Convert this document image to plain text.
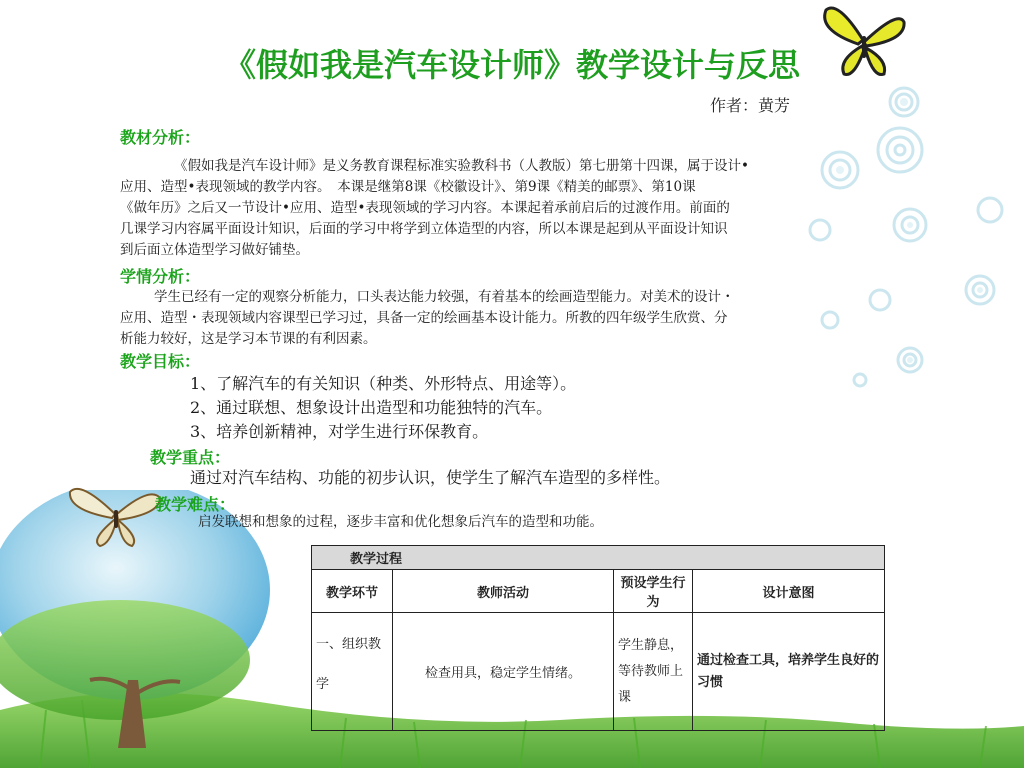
《假如我是汽车设计师》教学设计与反思
作者：黄芳
教材分析：

《假如我是汽车设计师》是义务教育课程标准实验教科书（人教版）第七册第十四课，属于设计•

应用、造型•表现领域的教学内容。　本课是继第8课《校徽设计》、第9课《精美的邮票》、第10课

《做年历》之后又一节设计•应用、造型•表现领域的学习内容。本课起着承前启后的过渡作用。前面的

几课学习内容属平面设计知识，后面的学习中将学到立体造型的内容，所以本课是起到从平面设计知识

到后面立体造型学习做好铺垫。

学情分析：

学生已经有一定的观察分析能力，口头表达能力较强，有着基本的绘画造型能力。对美术的设计・

应用、造型・表现领域内容课型已学习过，具备一定的绘画基本设计能力。所教的四年级学生欣赏、分

析能力较好，这是学习本节课的有利因素。

教学目标：
1、了解汽车的有关知识（种类、外形特点、用途等）。
2、通过联想、想象设计出造型和功能独特的汽车。
3、培养创新精神，对学生进行环保教育。
教学重点：
通过对汽车结构、功能的初步认识，使学生了解汽车造型的多样性。
教学难点：
启发联想和想象的过程，逐步丰富和优化想象后汽车的造型和功能。
教学过程			
教学环节	教师活动	预设学生行为	设计意图
一、组织教学	检查用具，稳定学生情绪。	学生静息，等待教师上课	通过检查工具，培养学生良好的习惯
